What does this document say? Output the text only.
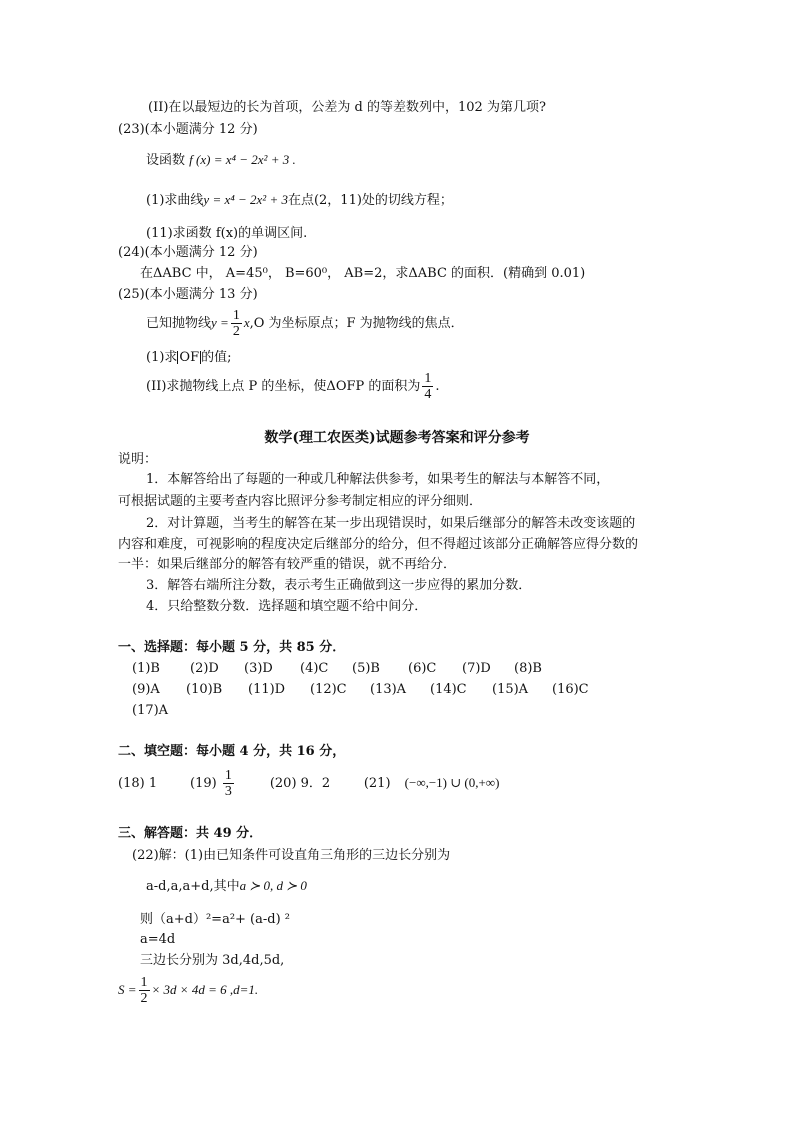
(II)在以最短边的长为首项，公差为 d 的等差数列中，102 为第几项?
(23)(本小题满分 12 分)
设函数 f (x) = x⁴ − 2x² + 3 .
(1)求曲线y = x⁴ − 2x² + 3在点(2，11)处的切线方程；
(11)求函数 f(x)的单调区间.
(24)(本小题满分 12 分)
在ΔABC 中， A=45⁰， B=60⁰， AB=2，求ΔABC 的面积．(精确到 0.01)
(25)(本小题满分 13 分)
已知抛物线$y = \frac{1}{2} x,O$ 为坐标原点；F 为抛物线的焦点．
(1)求 OF 的值;
(II)求抛物线上点 P 的坐标，使ΔOFP 的面积为 $\frac{1}{4}$ .
数学(理工农医类)试题参考答案和评分参考
说明：
1．本解答给出了每题的一种或几种解法供参考，如果考生的解法与本解答不同，
可根据试题的主要考查内容比照评分参考制定相应的评分细则．
2．对计算题，当考生的解答在某一步出现错误时，如果后继部分的解答未改变该题的
内容和难度，可视影响的程度决定后继部分的给分，但不得超过该部分正确解答应得分数的
一半：如果后继部分的解答有较严重的错误，就不再给分．
3．解答右端所注分数，表示考生正确做到这一步应得的累加分数．
4．只给整数分数．选择题和填空题不给中间分．
一、选择题：每小题 5 分，共 85 分．
(1)B (2)D (3)D (4)C (5)B (6)C (7)D (8)B
(9)A (10)B (11)D (12)C (13)A (14)C (15)A (16)C
(17)A
二、填空题：每小题 4 分，共 16 分，
(18) 1	$(19) \frac{1}{3}$	(20) 9．2	(21) (−∞,−1) ∪ (0,+∞)
三、解答题：共 49 分．
(22)解：(1)由已知条件可设直角三角形的三边长分别为
a-d,a,a+d,其中a ≻ 0, d ≻ 0
则（a+d）²=a²+ (a-d) ²
a=4d
三边长分别为 3d,4d,5d,
$S = \frac{1}{2} \times 3d \times 4d = 6$ ,d=1.
